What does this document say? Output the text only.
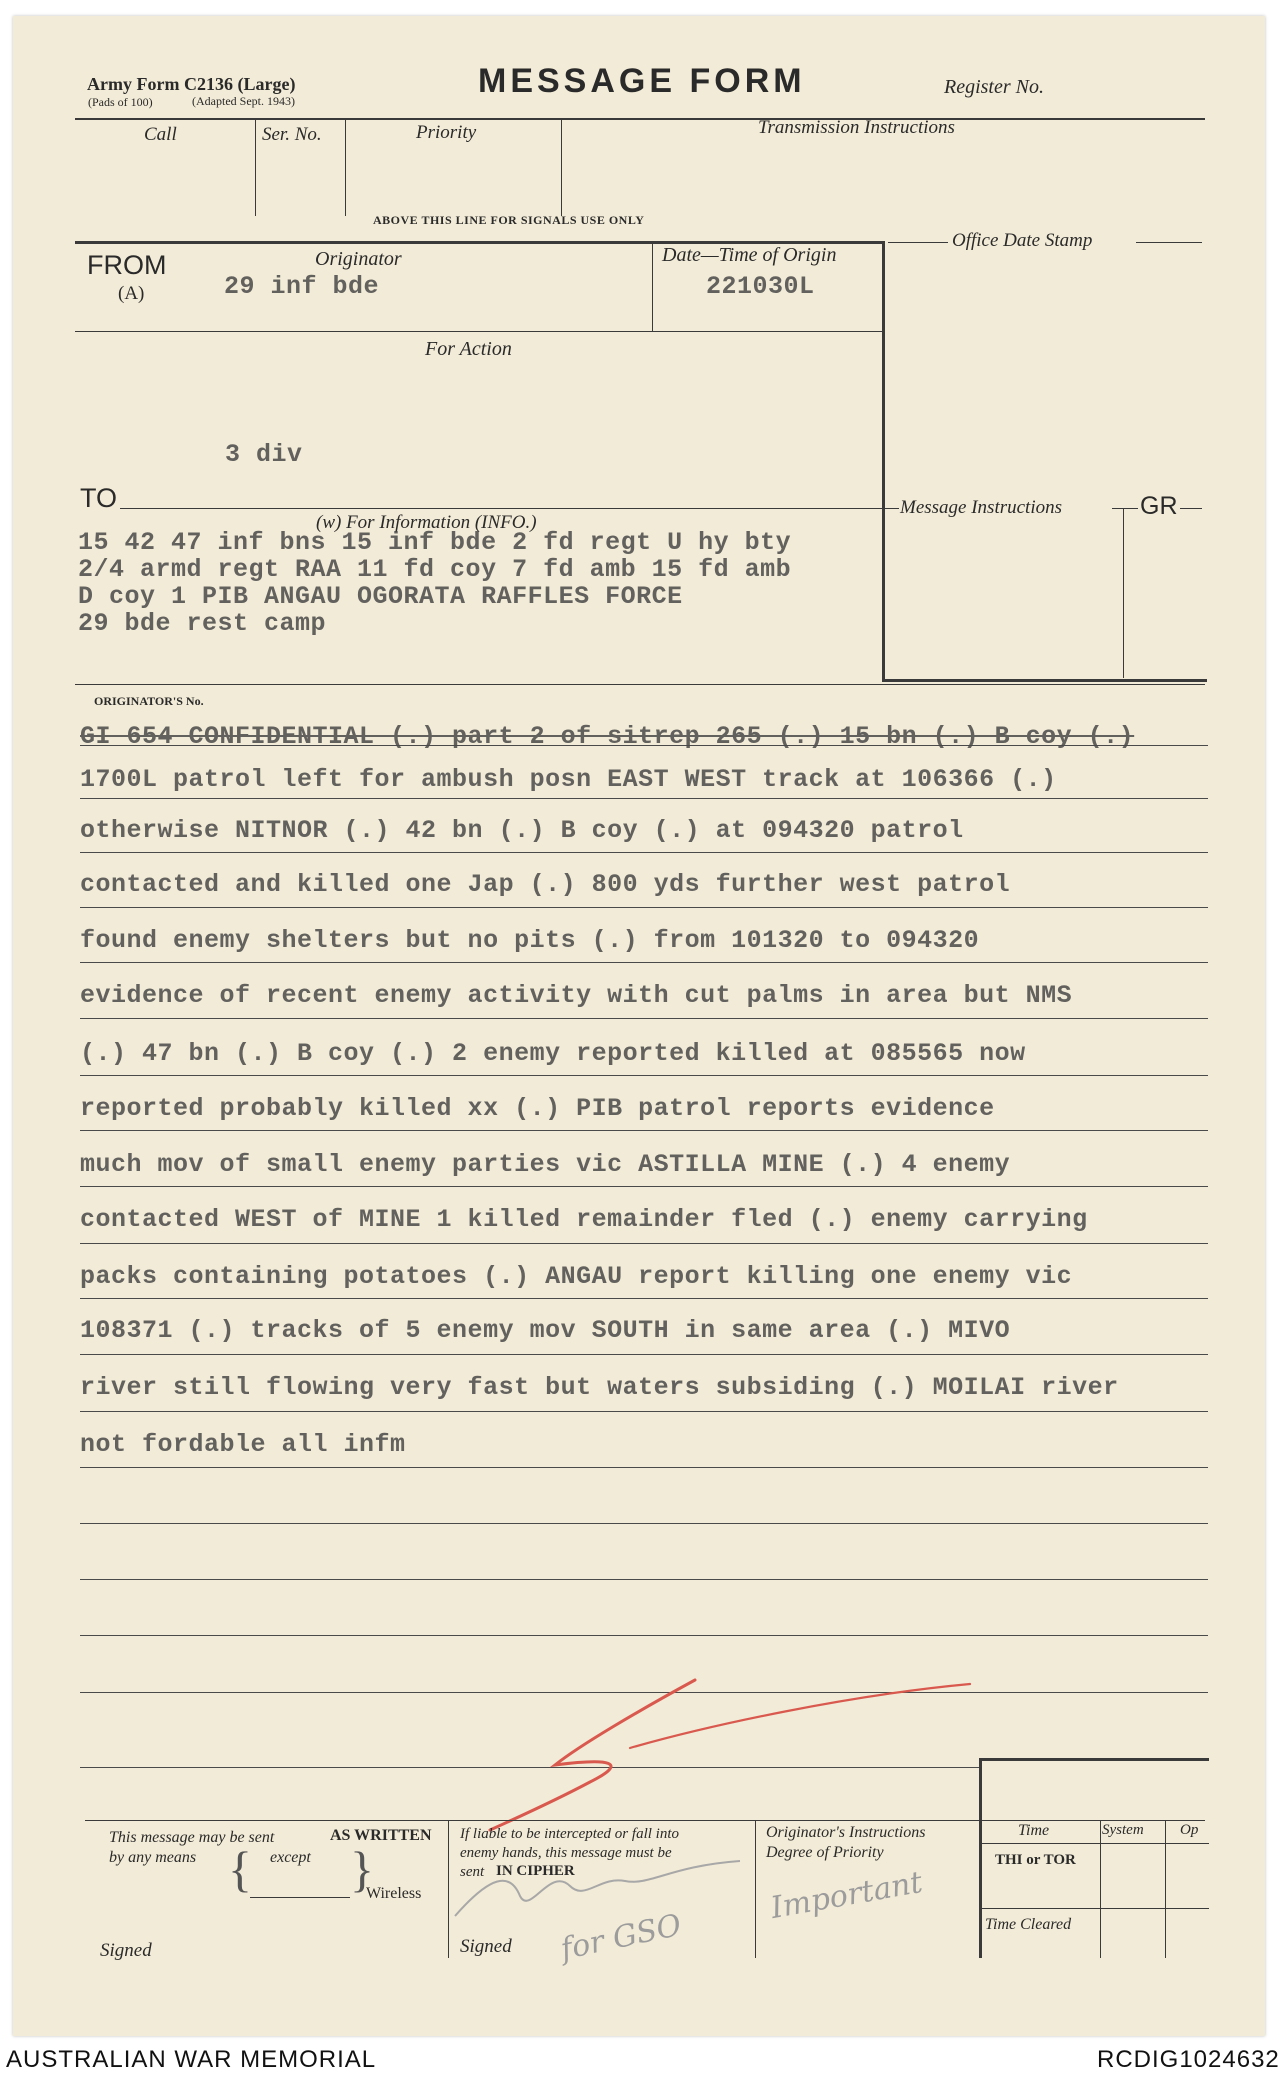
Army Form C2136 (Large)
(Pads of 100)	(Adapted Sept. 1943)
MESSAGE FORM	Register No.
Call	Ser. No.	Priority	Transmission Instructions
ABOVE THIS LINE FOR SIGNALS USE ONLY
FROM
(A)
Originator
29 inf bde
Date—Time of Origin
221030L
Office Date Stamp
For Action
3 div
TO
(w) For Information (INFO.)
15 42 47 inf bns 15 inf bde 2 fd regt U hy bty
2/4 armd regt RAA 11 fd coy 7 fd amb 15 fd amb
D coy 1 PIB ANGAU OGORATA RAFFLES FORCE
29 bde rest camp
Message Instructions	GR
ORIGINATOR'S No.
GI 654 CONFIDENTIAL (.) part 2 of sitrep 265 (.) 15 bn (.) B coy (.)
1700L patrol left for ambush posn EAST WEST track at 106366 (.)
otherwise NITNOR (.) 42 bn (.) B coy (.) at 094320 patrol
contacted and killed one Jap (.) 800 yds further west patrol
found enemy shelters but no pits (.) from 101320 to 094320
evidence of recent enemy activity with cut palms in area but NMS
(.) 47 bn (.) B coy (.) 2 enemy reported killed at 085565 now
reported probably killed xx (.) PIB patrol reports evidence
much mov of small enemy parties vic ASTILLA MINE (.) 4 enemy
contacted WEST of MINE 1 killed remainder fled (.) enemy carrying
packs containing potatoes (.) ANGAU report killing one enemy vic
108371 (.) tracks of 5 enemy mov SOUTH in same area (.) MIVO
river still flowing very fast but waters subsiding (.) MOILAI river
not fordable all infm
This message may be sent	AS WRITTEN
by any means { except }
Wireless
Signed
If liable to be intercepted or fall into
enemy hands, this message must be
sent IN CIPHER
Signed
Originator's Instructions
Degree of Priority
Important
for GSO
Time	System Op
THI or TOR
Time Cleared
AUSTRALIAN WAR MEMORIAL	RCDIG1024632
